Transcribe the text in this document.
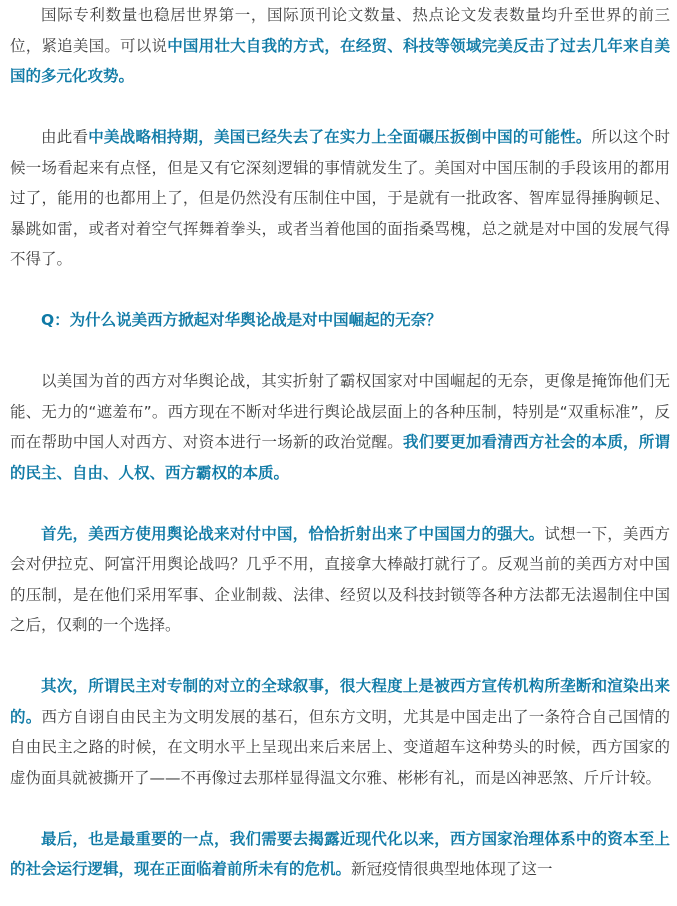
国际专利数量也稳居世界第一，国际顶刊论文数量、热点论文发表数量均升至世界的前三位，紧追美国。可以说中国用壮大自我的方式，在经贸、科技等领域完美反击了过去几年来自美国的多元化攻势。

由此看中美战略相持期，美国已经失去了在实力上全面碾压扳倒中国的可能性。所以这个时候一场看起来有点怪，但是又有它深刻逻辑的事情就发生了。美国对中国压制的手段该用的都用过了，能用的也都用上了，但是仍然没有压制住中国，于是就有一批政客、智库显得捶胸顿足、暴跳如雷，或者对着空气挥舞着拳头，或者当着他国的面指桑骂槐，总之就是对中国的发展气得不得了。

Q：为什么说美西方掀起对华舆论战是对中国崛起的无奈？

以美国为首的西方对华舆论战，其实折射了霸权国家对中国崛起的无奈，更像是掩饰他们无能、无力的“遮羞布”。西方现在不断对华进行舆论战层面上的各种压制，特别是“双重标准”，反而在帮助中国人对西方、对资本进行一场新的政治觉醒。我们要更加看清西方社会的本质，所谓的民主、自由、人权、西方霸权的本质。

首先，美西方使用舆论战来对付中国，恰恰折射出来了中国国力的强大。试想一下，美西方会对伊拉克、阿富汗用舆论战吗？几乎不用，直接拿大棒敲打就行了。反观当前的美西方对中国的压制，是在他们采用军事、企业制裁、法律、经贸以及科技封锁等各种方法都无法遏制住中国之后，仅剩的一个选择。

其次，所谓民主对专制的对立的全球叙事，很大程度上是被西方宣传机构所垄断和渲染出来的。西方自诩自由民主为文明发展的基石，但东方文明，尤其是中国走出了一条符合自己国情的自由民主之路的时候，在文明水平上呈现出来后来居上、变道超车这种势头的时候，西方国家的虚伪面具就被撕开了——不再像过去那样显得温文尔雅、彬彬有礼，而是凶神恶煞、斤斤计较。

最后，也是最重要的一点，我们需要去揭露近现代化以来，西方国家治理体系中的资本至上的社会运行逻辑，现在正面临着前所未有的危机。新冠疫情很典型地体现了这一
